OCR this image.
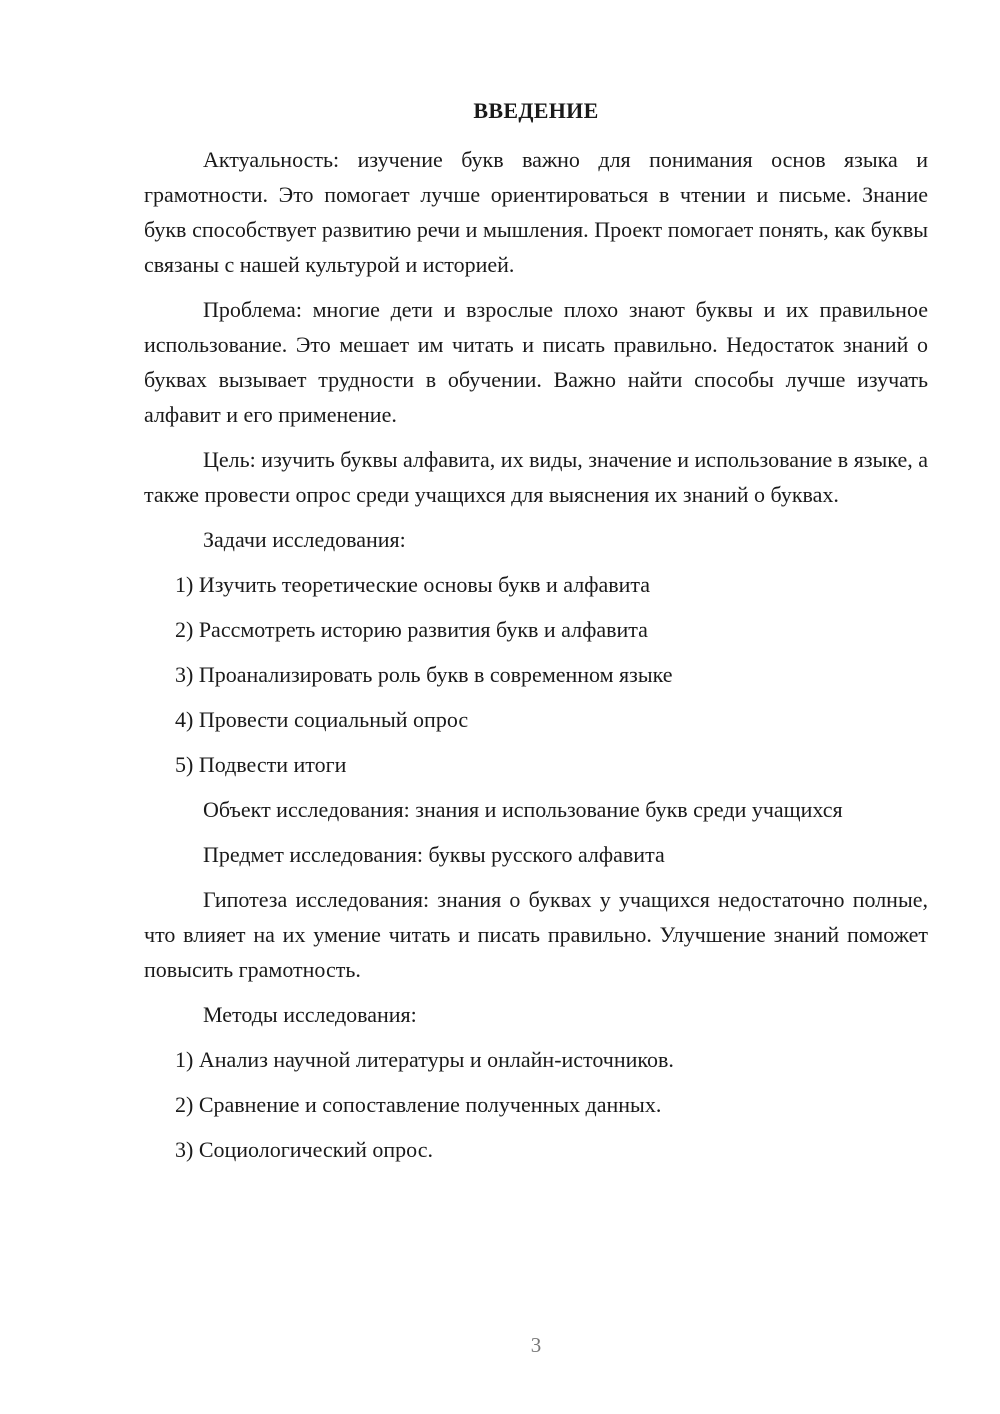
ВВЕДЕНИЕ

Актуальность: изучение букв важно для понимания основ языка и грамотности. Это помогает лучше ориентироваться в чтении и письме. Знание букв способствует развитию речи и мышления. Проект помогает понять, как буквы связаны с нашей культурой и историей.

Проблема: многие дети и взрослые плохо знают буквы и их правильное использование. Это мешает им читать и писать правильно. Недостаток знаний о буквах вызывает трудности в обучении. Важно найти способы лучше изучать алфавит и его применение.

Цель: изучить буквы алфавита, их виды, значение и использование в языке, а также провести опрос среди учащихся для выяснения их знаний о буквах.

Задачи исследования:

1) Изучить теоретические основы букв и алфавита

2) Рассмотреть историю развития букв и алфавита

3) Проанализировать роль букв в современном языке

4) Провести социальный опрос

5) Подвести итоги

Объект исследования: знания и использование букв среди учащихся

Предмет исследования: буквы русского алфавита

Гипотеза исследования: знания о буквах у учащихся недостаточно полные, что влияет на их умение читать и писать правильно. Улучшение знаний поможет повысить грамотность.

Методы исследования:

1) Анализ научной литературы и онлайн-источников.

2) Сравнение и сопоставление полученных данных.

3) Социологический опрос.

3
